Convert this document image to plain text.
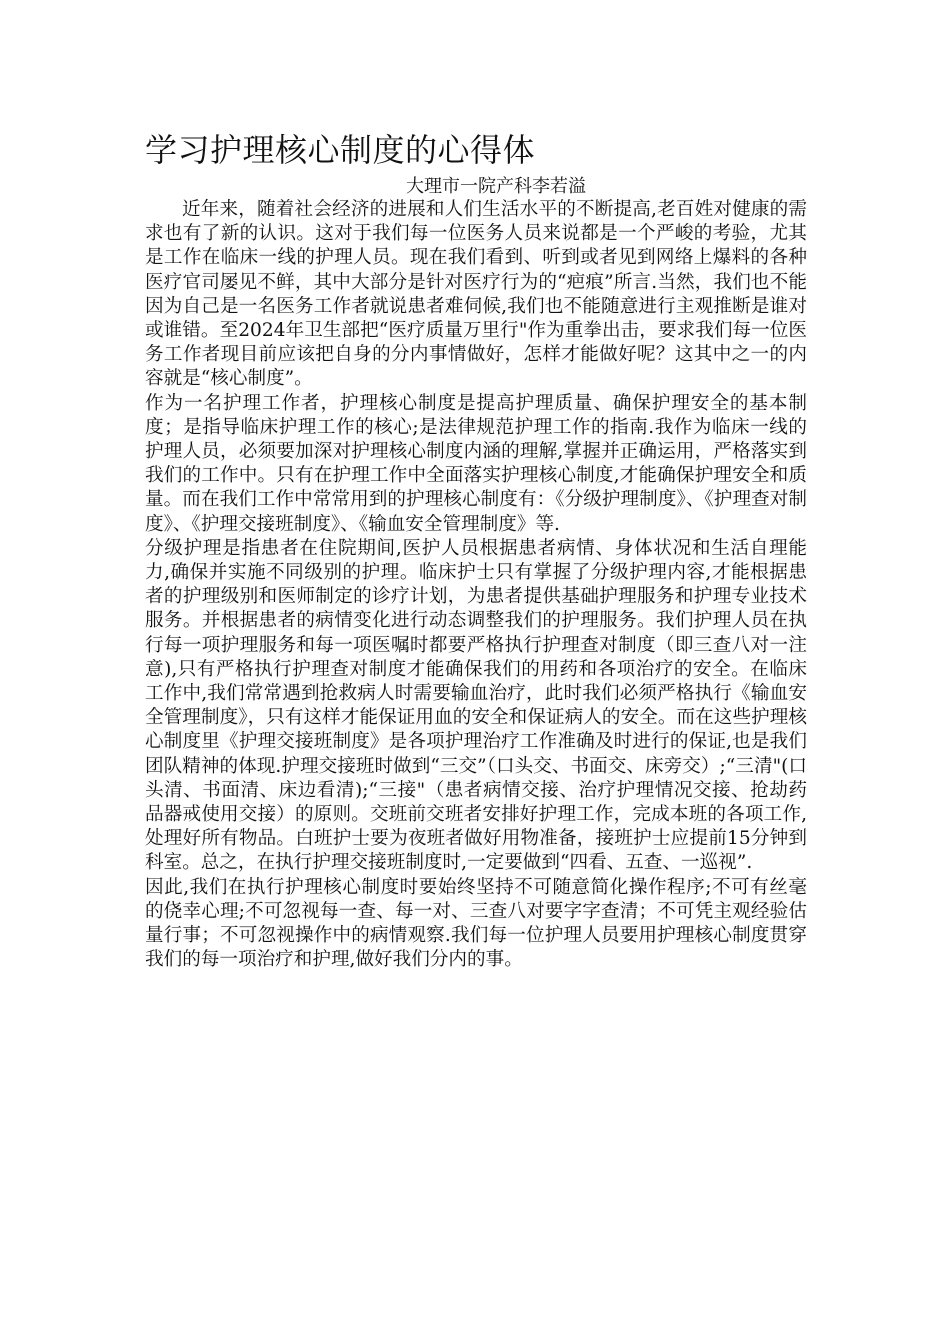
学习护理核心制度的心得体
大理市一院产科李若溢

近年来，随着社会经济的进展和人们生活水平的不断提高,老百姓对健康的需求也有了新的认识。这对于我们每一位医务人员来说都是一个严峻的考验，尤其是工作在临床一线的护理人员。现在我们看到、听到或者见到网络上爆料的各种医疗官司屡见不鲜，其中大部分是针对医疗行为的“疤痕”所言.当然，我们也不能因为自己是一名医务工作者就说患者难伺候,我们也不能随意进行主观推断是谁对或谁错。至2024年卫生部把“医疗质量万里行"作为重拳出击，要求我们每一位医务工作者现目前应该把自身的分内事情做好，怎样才能做好呢？这其中之一的内容就是“核心制度”。

作为一名护理工作者，护理核心制度是提高护理质量、确保护理安全的基本制度；是指导临床护理工作的核心;是法律规范护理工作的指南.我作为临床一线的护理人员，必须要加深对护理核心制度内涵的理解,掌握并正确运用，严格落实到我们的工作中。只有在护理工作中全面落实护理核心制度,才能确保护理安全和质量。而在我们工作中常常用到的护理核心制度有：《分级护理制度》、《护理查对制度》、《护理交接班制度》、《输血安全管理制度》等.

分级护理是指患者在住院期间,医护人员根据患者病情、身体状况和生活自理能力,确保并实施不同级别的护理。临床护士只有掌握了分级护理内容,才能根据患者的护理级别和医师制定的诊疗计划，为患者提供基础护理服务和护理专业技术服务。并根据患者的病情变化进行动态调整我们的护理服务。我们护理人员在执行每一项护理服务和每一项医嘱时都要严格执行护理查对制度（即三查八对一注意),只有严格执行护理查对制度才能确保我们的用药和各项治疗的安全。在临床工作中,我们常常遇到抢救病人时需要输血治疗，此时我们必须严格执行《输血安全管理制度》，只有这样才能保证用血的安全和保证病人的安全。而在这些护理核心制度里《护理交接班制度》是各项护理治疗工作准确及时进行的保证,也是我们团队精神的体现.护理交接班时做到“三交”（口头交、书面交、床旁交）;“三清"(口头清、书面清、床边看清);“三接"（患者病情交接、治疗护理情况交接、抢劫药品器戒使用交接）的原则。交班前交班者安排好护理工作，完成本班的各项工作,处理好所有物品。白班护士要为夜班者做好用物准备，接班护士应提前15分钟到科室。总之，在执行护理交接班制度时,一定要做到“四看、五查、一巡视”.

因此,我们在执行护理核心制度时要始终坚持不可随意简化操作程序;不可有丝毫的侥幸心理;不可忽视每一查、每一对、三查八对要字字查清；不可凭主观经验估量行事；不可忽视操作中的病情观察.我们每一位护理人员要用护理核心制度贯穿我们的每一项治疗和护理,做好我们分内的事。
